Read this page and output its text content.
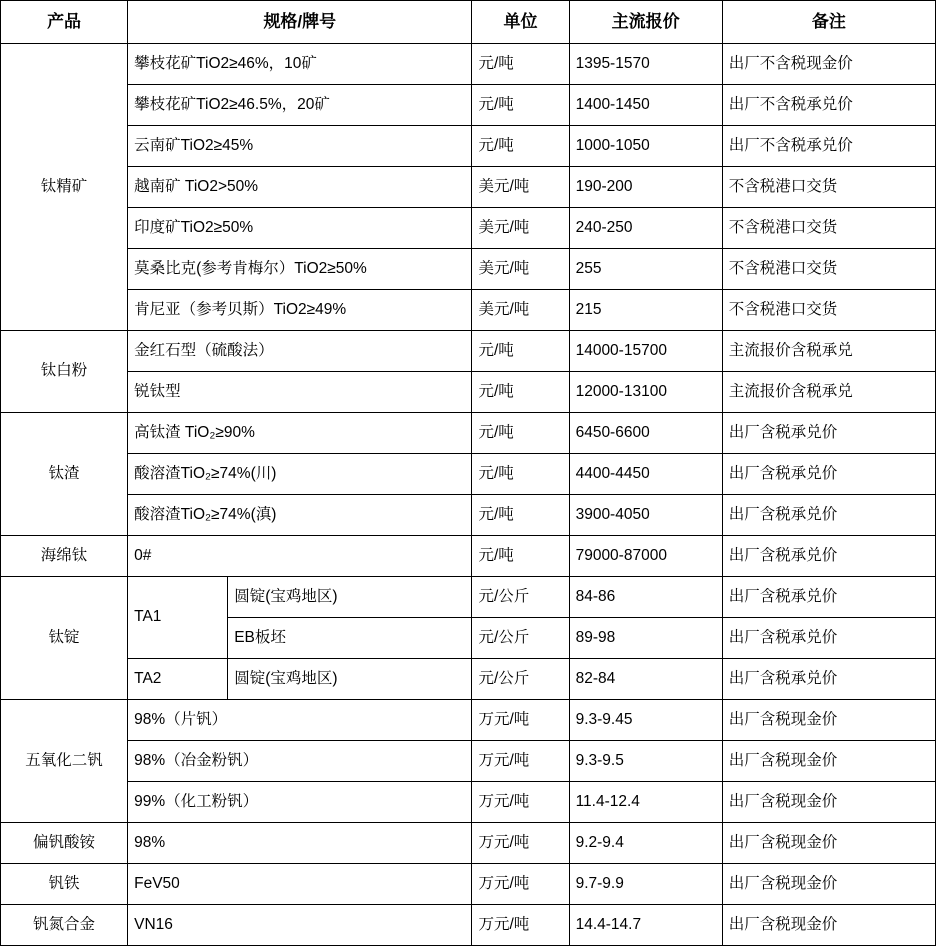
产品	规格/牌号		单位	主流报价	备注
钛精矿	攀枝花矿TiO2≥46%，10矿		元/吨	1395-1570	出厂不含税现金价
	攀枝花矿TiO2≥46.5%，20矿		元/吨	1400-1450	出厂不含税承兑价
	云南矿TiO2≥45%		元/吨	1000-1050	出厂不含税承兑价
	越南矿 TiO2>50%		美元/吨	190-200	不含税港口交货
	印度矿TiO2≥50%		美元/吨	240-250	不含税港口交货
	莫桑比克(参考肯梅尔）TiO2≥50%		美元/吨	255	不含税港口交货
	肯尼亚（参考贝斯）TiO2≥49%		美元/吨	215	不含税港口交货
钛白粉	金红石型（硫酸法）		元/吨	14000-15700	主流报价含税承兑
	锐钛型		元/吨	12000-13100	主流报价含税承兑
钛渣	高钛渣 TiO₂≥90%		元/吨	6450-6600	出厂含税承兑价
	酸溶渣TiO₂≥74%(川)		元/吨	4400-4450	出厂含税承兑价
	酸溶渣TiO₂≥74%(滇)		元/吨	3900-4050	出厂含税承兑价
海绵钛	0#		元/吨	79000-87000	出厂含税承兑价
钛锭	TA1	圆锭(宝鸡地区)	元/公斤	84-86	出厂含税承兑价
		EB板坯	元/公斤	89-98	出厂含税承兑价
	TA2	圆锭(宝鸡地区)	元/公斤	82-84	出厂含税承兑价
五氧化二钒	98%（片钒）		万元/吨	9.3-9.45	出厂含税现金价
	98%（冶金粉钒）		万元/吨	9.3-9.5	出厂含税现金价
	99%（化工粉钒）		万元/吨	11.4-12.4	出厂含税现金价
偏钒酸铵	98%		万元/吨	9.2-9.4	出厂含税现金价
钒铁	FeV50		万元/吨	9.7-9.9	出厂含税现金价
钒氮合金	VN16		万元/吨	14.4-14.7	出厂含税现金价
